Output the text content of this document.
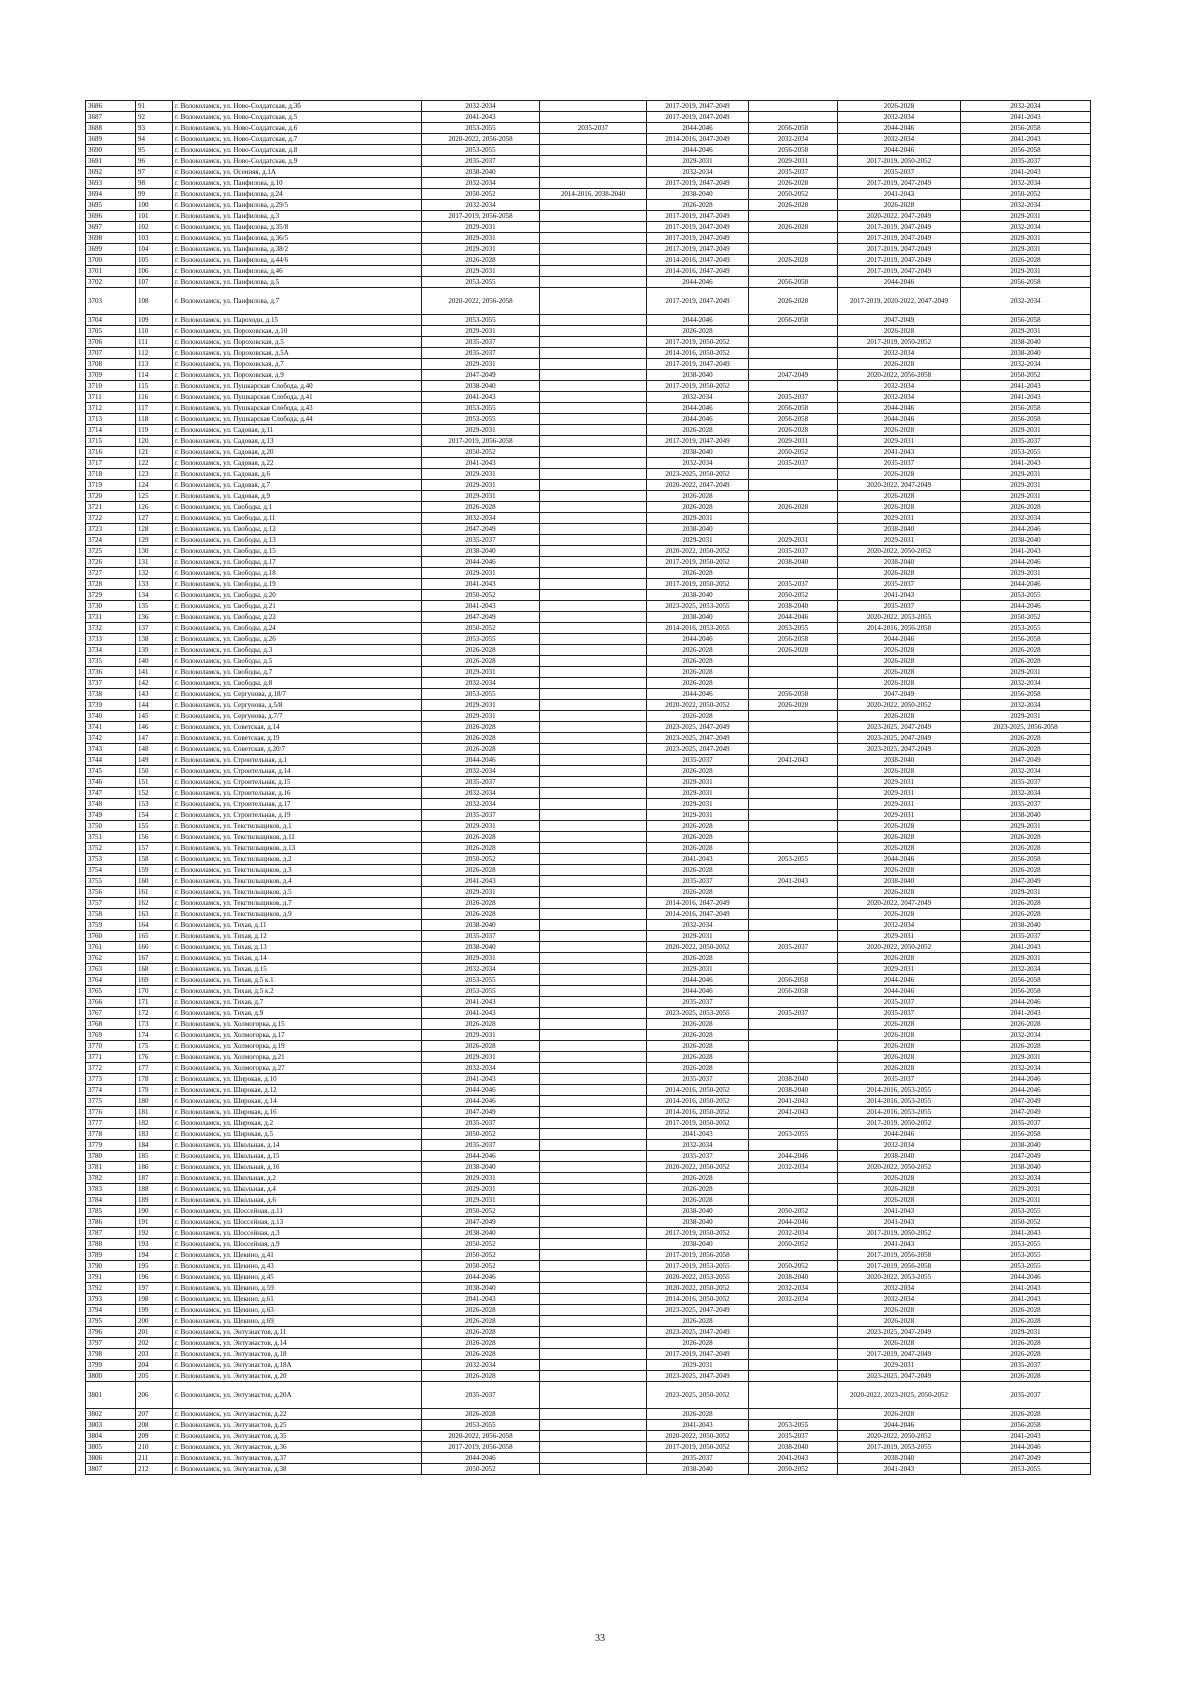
3686	91	г. Волоколамск, ул. Ново-Солдатская, д.3б	2032-2034		2017-2019, 2047-2049		2026-2028	2032-2034
3687	92	г. Волоколамск, ул. Ново-Солдатская, д.5	2041-2043		2017-2019, 2047-2049		2032-2034	2041-2043
3688	93	г. Волоколамск, ул. Ново-Солдатская, д.6	2053-2055	2035-2037	2044-2046	2056-2058	2044-2046	2056-2058
3689	94	г. Волоколамск, ул. Ново-Солдатская, д.7	2020-2022, 2056-2058		2014-2016, 2047-2049	2032-2034	2032-2034	2041-2043
3690	95	г. Волоколамск, ул. Ново-Солдатская, д.8	2053-2055		2044-2046	2056-2058	2044-2046	2056-2058
3691	96	г. Волоколамск, ул. Ново-Солдатская, д.9	2035-2037		2029-2031	2029-2031	2017-2019, 2050-2052	2035-2037
3692	97	г. Волоколамск, ул. Осенняя, д.1А	2038-2040		2032-2034	2035-2037	2035-2037	2041-2043
3693	98	г. Волоколамск, ул. Панфилова, д.10	2032-2034		2017-2019, 2047-2049	2026-2028	2017-2019, 2047-2049	2032-2034
3694	99	г. Волоколамск, ул. Панфилова, д.24	2050-2052	2014-2016, 2038-2040	2038-2040	2050-2052	2041-2043	2050-2052
3695	100	г. Волоколамск, ул. Панфилова, д.29/5	2032-2034		2026-2028	2026-2028	2026-2028	2032-2034
3696	101	г. Волоколамск, ул. Панфилова, д.3	2017-2019, 2056-2058		2017-2019, 2047-2049		2020-2022, 2047-2049	2029-2031
3697	102	г. Волоколамск, ул. Панфилова, д.35/8	2029-2031		2017-2019, 2047-2049	2026-2028	2017-2019, 2047-2049	2032-2034
3698	103	г. Волоколамск, ул. Панфилова, д.36/5	2029-2031		2017-2019, 2047-2049		2017-2019, 2047-2049	2029-2031
3699	104	г. Волоколамск, ул. Панфилова, д.38/2	2029-2031		2017-2019, 2047-2049		2017-2019, 2047-2049	2029-2031
3700	105	г. Волоколамск, ул. Панфилова, д.44/6	2026-2028		2014-2016, 2047-2049	2026-2028	2017-2019, 2047-2049	2026-2028
3701	106	г. Волоколамск, ул. Панфилова, д.46	2029-2031		2014-2016, 2047-2049		2017-2019, 2047-2049	2029-2031
3702	107	г. Волоколамск, ул. Панфилова, д.5	2053-2055		2044-2046	2056-2058	2044-2046	2056-2058
3703	108	г. Волоколамск, ул. Панфилова, д.7	2020-2022, 2056-2058		2017-2019, 2047-2049	2026-2028	2017-2019, 2020-2022, 2047-2049	2032-2034
3704	109	г. Волоколамск, ул. Пароходн, д.15	2053-2055		2044-2046	2056-2058	2047-2049	2056-2058
3705	110	г. Волоколамск, ул. Пороховская, д.10	2029-2031		2026-2028		2026-2028	2029-2031
3706	111	г. Волоколамск, ул. Пороховская, д.5	2035-2037		2017-2019, 2050-2052		2017-2019, 2050-2052	2038-2040
3707	112	г. Волоколамск, ул. Пороховская, д.5А	2035-2037		2014-2016, 2050-2052		2032-2034	2038-2040
3708	113	г. Волоколамск, ул. Пороховская, д.7	2029-2031		2017-2019, 2047-2049		2026-2028	2032-2034
3709	114	г. Волоколамск, ул. Пороховская, д.9	2047-2049		2038-2040	2047-2049	2020-2022, 2056-2058	2050-2052
3710	115	г. Волоколамск, ул. Пушкарская Слобода, д.40	2038-2040		2017-2019, 2050-2052		2032-2034	2041-2043
3711	116	г. Волоколамск, ул. Пушкарская Слобода, д.41	2041-2043		2032-2034	2035-2037	2032-2034	2041-2043
3712	117	г. Волоколамск, ул. Пушкарская Слобода, д.43	2053-2055		2044-2046	2056-2058	2044-2046	2056-2058
3713	118	г. Волоколамск, ул. Пушкарская Слобода, д.44	2053-2055		2044-2046	2056-2058	2044-2046	2056-2058
3714	119	г. Волоколамск, ул. Садовая, д.11	2029-2031		2026-2028	2026-2028	2026-2028	2029-2031
3715	120	г. Волоколамск, ул. Садовая, д.13	2017-2019, 2056-2058		2017-2019, 2047-2049	2029-2031	2029-2031	2035-2037
3716	121	г. Волоколамск, ул. Садовая, д.20	2050-2052		2038-2040	2050-2052	2041-2043	2053-2055
3717	122	г. Волоколамск, ул. Садовая, д.22	2041-2043		2032-2034	2035-2037	2035-2037	2041-2043
3718	123	г. Волоколамск, ул. Садовая, д.6	2029-2031		2023-2025, 2050-2052		2026-2028	2029-2031
3719	124	г. Волоколамск, ул. Садовая, д.7	2029-2031		2020-2022, 2047-2049		2020-2022, 2047-2049	2029-2031
3720	125	г. Волоколамск, ул. Садовая, д.9	2029-2031		2026-2028		2026-2028	2029-2031
3721	126	г. Волоколамск, ул. Свободы, д.1	2026-2028		2026-2028	2026-2028	2026-2028	2026-2028
3722	127	г. Волоколамск, ул. Свободы, д.11	2032-2034		2029-2031		2029-2031	2032-2034
3723	128	г. Волоколамск, ул. Свободы, д.12	2047-2049		2038-2040		2038-2040	2044-2046
3724	129	г. Волоколамск, ул. Свободы, д.13	2035-2037		2029-2031	2029-2031	2029-2031	2038-2040
3725	130	г. Волоколамск, ул. Свободы, д.15	2038-2040		2020-2022, 2050-2052	2035-2037	2020-2022, 2050-2052	2041-2043
3726	131	г. Волоколамск, ул. Свободы, д.17	2044-2046		2017-2019, 2050-2052	2038-2040	2038-2040	2044-2046
3727	132	г. Волоколамск, ул. Свободы, д.18	2029-2031		2026-2028		2026-2028	2029-2031
3728	133	г. Волоколамск, ул. Свободы, д.19	2041-2043		2017-2019, 2050-2052	2035-2037	2035-2037	2044-2046
3729	134	г. Волоколамск, ул. Свободы, д.20	2050-2052		2038-2040	2050-2052	2041-2043	2053-2055
3730	135	г. Волоколамск, ул. Свободы, д.21	2041-2043		2023-2025, 2053-2055	2038-2040	2035-2037	2044-2046
3731	136	г. Волоколамск, ул. Свободы, д.22	2047-2049		2038-2040	2044-2046	2020-2022, 2053-2055	2050-2052
3732	137	г. Волоколамск, ул. Свободы, д.24	2050-2052		2014-2016, 2053-2055	2053-2055	2014-2016, 2056-2058	2053-2055
3733	138	г. Волоколамск, ул. Свободы, д.26	2053-2055		2044-2046	2056-2058	2044-2046	2056-2058
3734	139	г. Волоколамск, ул. Свободы, д.3	2026-2028		2026-2028	2026-2028	2026-2028	2026-2028
3735	140	г. Волоколамск, ул. Свободы, д.5	2026-2028		2026-2028		2026-2028	2026-2028
3736	141	г. Волоколамск, ул. Свободы, д.7	2029-2031		2026-2028		2026-2028	2029-2031
3737	142	г. Волоколамск, ул. Свободы, д.8	2032-2034		2026-2028		2026-2028	2032-2034
3738	143	г. Волоколамск, ул. Сергунова, д.18/7	2053-2055		2044-2046	2056-2058	2047-2049	2056-2058
3739	144	г. Волоколамск, ул. Сергунова, д.5/8	2029-2031		2020-2022, 2050-2052	2026-2028	2020-2022, 2050-2052	2032-2034
3740	145	г. Волоколамск, ул. Сергунова, д.7/7	2029-2031		2026-2028		2026-2028	2029-2031
3741	146	г. Волоколамск, ул. Советская, д.14	2026-2028		2023-2025, 2047-2049		2023-2025, 2047-2049	2023-2025, 2056-2058
3742	147	г. Волоколамск, ул. Советская, д.19	2026-2028		2023-2025, 2047-2049		2023-2025, 2047-2049	2026-2028
3743	148	г. Волоколамск, ул. Советская, д.20/7	2026-2028		2023-2025, 2047-2049		2023-2025, 2047-2049	2026-2028
3744	149	г. Волоколамск, ул. Строительная, д.1	2044-2046		2035-2037	2041-2043	2038-2040	2047-2049
3745	150	г. Волоколамск, ул. Строительная, д.14	2032-2034		2026-2028		2026-2028	2032-2034
3746	151	г. Волоколамск, ул. Строительная, д.15	2035-2037		2029-2031		2029-2031	2035-2037
3747	152	г. Волоколамск, ул. Строительная, д.16	2032-2034		2029-2031		2029-2031	2032-2034
3748	153	г. Волоколамск, ул. Строительная, д.17	2032-2034		2029-2031		2029-2031	2035-2037
3749	154	г. Волоколамск, ул. Строительная, д.19	2035-2037		2029-2031		2029-2031	2038-2040
3750	155	г. Волоколамск, ул. Текстильщиков, д.1	2029-2031		2026-2028		2026-2028	2029-2031
3751	156	г. Волоколамск, ул. Текстильщиков, д.11	2026-2028		2026-2028		2026-2028	2026-2028
3752	157	г. Волоколамск, ул. Текстильщиков, д.13	2026-2028		2026-2028		2026-2028	2026-2028
3753	158	г. Волоколамск, ул. Текстильщиков, д.2	2050-2052		2041-2043	2053-2055	2044-2046	2056-2058
3754	159	г. Волоколамск, ул. Текстильщиков, д.3	2026-2028		2026-2028		2026-2028	2026-2028
3755	160	г. Волоколамск, ул. Текстильщиков, д.4	2041-2043		2035-2037	2041-2043	2038-2040	2047-2049
3756	161	г. Волоколамск, ул. Текстильщиков, д.5	2029-2031		2026-2028		2026-2028	2029-2031
3757	162	г. Волоколамск, ул. Текстильщиков, д.7	2026-2028		2014-2016, 2047-2049		2020-2022, 2047-2049	2026-2028
3758	163	г. Волоколамск, ул. Текстильщиков, д.9	2026-2028		2014-2016, 2047-2049		2026-2028	2026-2028
3759	164	г. Волоколамск, ул. Тихая, д.11	2038-2040		2032-2034		2032-2034	2038-2040
3760	165	г. Волоколамск, ул. Тихая, д.12	2035-2037		2029-2031		2029-2031	2035-2037
3761	166	г. Волоколамск, ул. Тихая, д.13	2038-2040		2020-2022, 2050-2052	2035-2037	2020-2022, 2050-2052	2041-2043
3762	167	г. Волоколамск, ул. Тихая, д.14	2029-2031		2026-2028		2026-2028	2029-2031
3763	168	г. Волоколамск, ул. Тихая, д.15	2032-2034		2029-2031		2029-2031	2032-2034
3764	169	г. Волоколамск, ул. Тихая, д.5 к.1	2053-2055		2044-2046	2056-2058	2044-2046	2056-2058
3765	170	г. Волоколамск, ул. Тихая, д.5 к.2	2053-2055		2044-2046	2056-2058	2044-2046	2056-2058
3766	171	г. Волоколамск, ул. Тихая, д.7	2041-2043		2035-2037		2035-2037	2044-2046
3767	172	г. Волоколамск, ул. Тихая, д.9	2041-2043		2023-2025, 2053-2055	2035-2037	2035-2037	2041-2043
3768	173	г. Волоколамск, ул. Холмогорка, д.15	2026-2028		2026-2028		2026-2028	2026-2028
3769	174	г. Волоколамск, ул. Холмогорка, д.17	2029-2031		2026-2028		2026-2028	2032-2034
3770	175	г. Волоколамск, ул. Холмогорка, д.19	2026-2028		2026-2028		2026-2028	2026-2028
3771	176	г. Волоколамск, ул. Холмогорка, д.21	2029-2031		2026-2028		2026-2028	2029-2031
3772	177	г. Волоколамск, ул. Холмогорка, д.27	2032-2034		2026-2028		2026-2028	2032-2034
3773	178	г. Волоколамск, ул. Широкая, д.10	2041-2043		2035-2037	2038-2040	2035-2037	2044-2046
3774	179	г. Волоколамск, ул. Широкая, д.12	2044-2046		2014-2016, 2050-2052	2038-2040	2014-2016, 2053-2055	2044-2046
3775	180	г. Волоколамск, ул. Широкая, д.14	2044-2046		2014-2016, 2050-2052	2041-2043	2014-2016, 2053-2055	2047-2049
3776	181	г. Волоколамск, ул. Широкая, д.16	2047-2049		2014-2016, 2050-2052	2041-2043	2014-2016, 2053-2055	2047-2049
3777	182	г. Волоколамск, ул. Широкая, д.2	2035-2037		2017-2019, 2050-2052		2017-2019, 2050-2052	2035-2037
3778	183	г. Волоколамск, ул. Широкая, д.5	2050-2052		2041-2043	2053-2055	2044-2046	2056-2058
3779	184	г. Волоколамск, ул. Школьная, д.14	2035-2037		2032-2034		2032-2034	2038-2040
3780	185	г. Волоколамск, ул. Школьная, д.15	2044-2046		2035-2037	2044-2046	2038-2040	2047-2049
3781	186	г. Волоколамск, ул. Школьная, д.16	2038-2040		2020-2022, 2050-2052	2032-2034	2020-2022, 2050-2052	2038-2040
3782	187	г. Волоколамск, ул. Школьная, д.2	2029-2031		2026-2028		2026-2028	2032-2034
3783	188	г. Волоколамск, ул. Школьная, д.4	2029-2031		2026-2028		2026-2028	2029-2031
3784	189	г. Волоколамск, ул. Школьная, д.6	2029-2031		2026-2028		2026-2028	2029-2031
3785	190	г. Волоколамск, ул. Шоссейная, д.11	2050-2052		2038-2040	2050-2052	2041-2043	2053-2055
3786	191	г. Волоколамск, ул. Шоссейная, д.13	2047-2049		2038-2040	2044-2046	2041-2043	2050-2052
3787	192	г. Волоколамск, ул. Шоссейная, д.3	2038-2040		2017-2019, 2050-2052	2032-2034	2017-2019, 2050-2052	2041-2043
3788	193	г. Волоколамск, ул. Шоссейная, д.9	2050-2052		2038-2040	2050-2052	2041-2043	2053-2055
3789	194	г. Волоколамск, ул. Щекино, д.41	2050-2052		2017-2019, 2056-2058		2017-2019, 2056-2058	2053-2055
3790	195	г. Волоколамск, ул. Щекино, д.43	2050-2052		2017-2019, 2053-2055	2050-2052	2017-2019, 2056-2058	2053-2055
3791	196	г. Волоколамск, ул. Щекино, д.45	2044-2046		2020-2022, 2053-2055	2038-2040	2020-2022, 2053-2055	2044-2046
3792	197	г. Волоколамск, ул. Щекино, д.59	2038-2040		2020-2022, 2050-2052	2032-2034	2032-2034	2041-2043
3793	198	г. Волоколамск, ул. Щекино, д.61	2041-2043		2014-2016, 2050-2052	2032-2034	2032-2034	2041-2043
3794	199	г. Волоколамск, ул. Щекино, д.63	2026-2028		2023-2025, 2047-2049		2026-2028	2026-2028
3795	200	г. Волоколамск, ул. Щекино, д.69	2026-2028		2026-2028		2026-2028	2026-2028
3796	201	г. Волоколамск, ул. Энтузиастов, д.11	2026-2028		2023-2025, 2047-2049		2023-2025, 2047-2049	2029-2031
3797	202	г. Волоколамск, ул. Энтузиастов, д.14	2026-2028		2026-2028		2026-2028	2026-2028
3798	203	г. Волоколамск, ул. Энтузиастов, д.18	2026-2028		2017-2019, 2047-2049		2017-2019, 2047-2049	2026-2028
3799	204	г. Волоколамск, ул. Энтузиастов, д.18А	2032-2034		2029-2031		2029-2031	2035-2037
3800	205	г. Волоколамск, ул. Энтузиастов, д.20	2026-2028		2023-2025, 2047-2049		2023-2025, 2047-2049	2026-2028
3801	206	г. Волоколамск, ул. Энтузиастов, д.20А	2035-2037		2023-2025, 2050-2052		2020-2022, 2023-2025, 2050-2052	2035-2037
3802	207	г. Волоколамск, ул. Энтузиастов, д.22	2026-2028		2026-2028		2026-2028	2026-2028
3803	208	г. Волоколамск, ул. Энтузиастов, д.25	2053-2055		2041-2043	2053-2055	2044-2046	2056-2058
3804	209	г. Волоколамск, ул. Энтузиастов, д.35	2020-2022, 2056-2058		2020-2022, 2050-2052	2035-2037	2020-2022, 2050-2052	2041-2043
3805	210	г. Волоколамск, ул. Энтузиастов, д.36	2017-2019, 2056-2058		2017-2019, 2050-2052	2038-2040	2017-2019, 2053-2055	2044-2046
3806	211	г. Волоколамск, ул. Энтузиастов, д.37	2044-2046		2035-2037	2041-2043	2038-2040	2047-2049
3807	212	г. Волоколамск, ул. Энтузиастов, д.38	2050-2052		2038-2040	2050-2052	2041-2043	2053-2055
33
